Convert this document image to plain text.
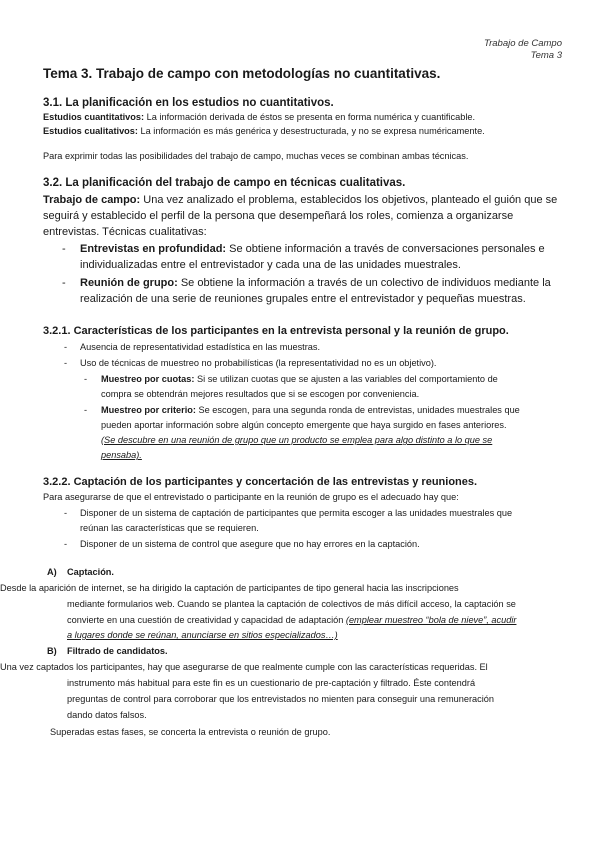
Trabajo de Campo
Tema 3
Tema 3. Trabajo de campo con metodologías no cuantitativas.
3.1. La planificación en los estudios no cuantitativos.
Estudios cuantitativos: La información derivada de éstos se presenta en forma numérica y cuantificable.
Estudios cualitativos: La información es más genérica y desestructurada, y no se expresa numéricamente.
Para exprimir todas las posibilidades del trabajo de campo, muchas veces se combinan ambas técnicas.
3.2. La planificación del trabajo de campo en técnicas cualitativas.
Trabajo de campo: Una vez analizado el problema, establecidos los objetivos, planteado el guión que se
seguirá y establecido el perfil de la persona que desempeñará los roles, comienza a organizarse
entrevistas. Técnicas cualitativas:
- Entrevistas en profundidad: Se obtiene información a través de conversaciones personales e
individualizadas entre el entrevistador y cada una de las unidades muestrales.
- Reunión de grupo: Se obtiene la información a través de un colectivo de individuos mediante la
realización de una serie de reuniones grupales entre el entrevistador y pequeñas muestras.
3.2.1. Características de los participantes en la entrevista personal y la reunión de grupo.
- Ausencia de representatividad estadística en las muestras.
- Uso de técnicas de muestreo no probabilísticas (la representatividad no es un objetivo).
- Muestreo por cuotas: Si se utilizan cuotas que se ajusten a las variables del comportamiento de
compra se obtendrán mejores resultados que si se escogen por conveniencia.
- Muestreo por criterio: Se escogen, para una segunda ronda de entrevistas, unidades muestrales que
pueden aportar información sobre algún concepto emergente que haya surgido en fases anteriores.
(Se descubre en una reunión de grupo que un producto se emplea para algo distinto a lo que se
pensaba).
3.2.2. Captación de los participantes y concertación de las entrevistas y reuniones.
Para asegurarse de que el entrevistado o participante en la reunión de grupo es el adecuado hay que:
- Disponer de un sistema de captación de participantes que permita escoger a las unidades muestrales que
reúnan las características que se requieren.
- Disponer de un sistema de control que asegure que no hay errores en la captación.
A) Captación.
Desde la aparición de internet, se ha dirigido la captación de participantes de tipo general hacia las inscripciones
mediante formularios web. Cuando se plantea la captación de colectivos de más difícil acceso, la captación se
convierte en una cuestión de creatividad y capacidad de adaptación (emplear muestreo “bola de nieve”, acudir
a lugares donde se reúnan, anunciarse en sitios especializados…)
B) Filtrado de candidatos.
Una vez captados los participantes, hay que asegurarse de que realmente cumple con las características requeridas. El
instrumento más habitual para este fin es un cuestionario de pre-captación y filtrado. Éste contendrá
preguntas de control para corroborar que los entrevistados no mienten para conseguir una remuneración
dando datos falsos.
Superadas estas fases, se concerta la entrevista o reunión de grupo.
